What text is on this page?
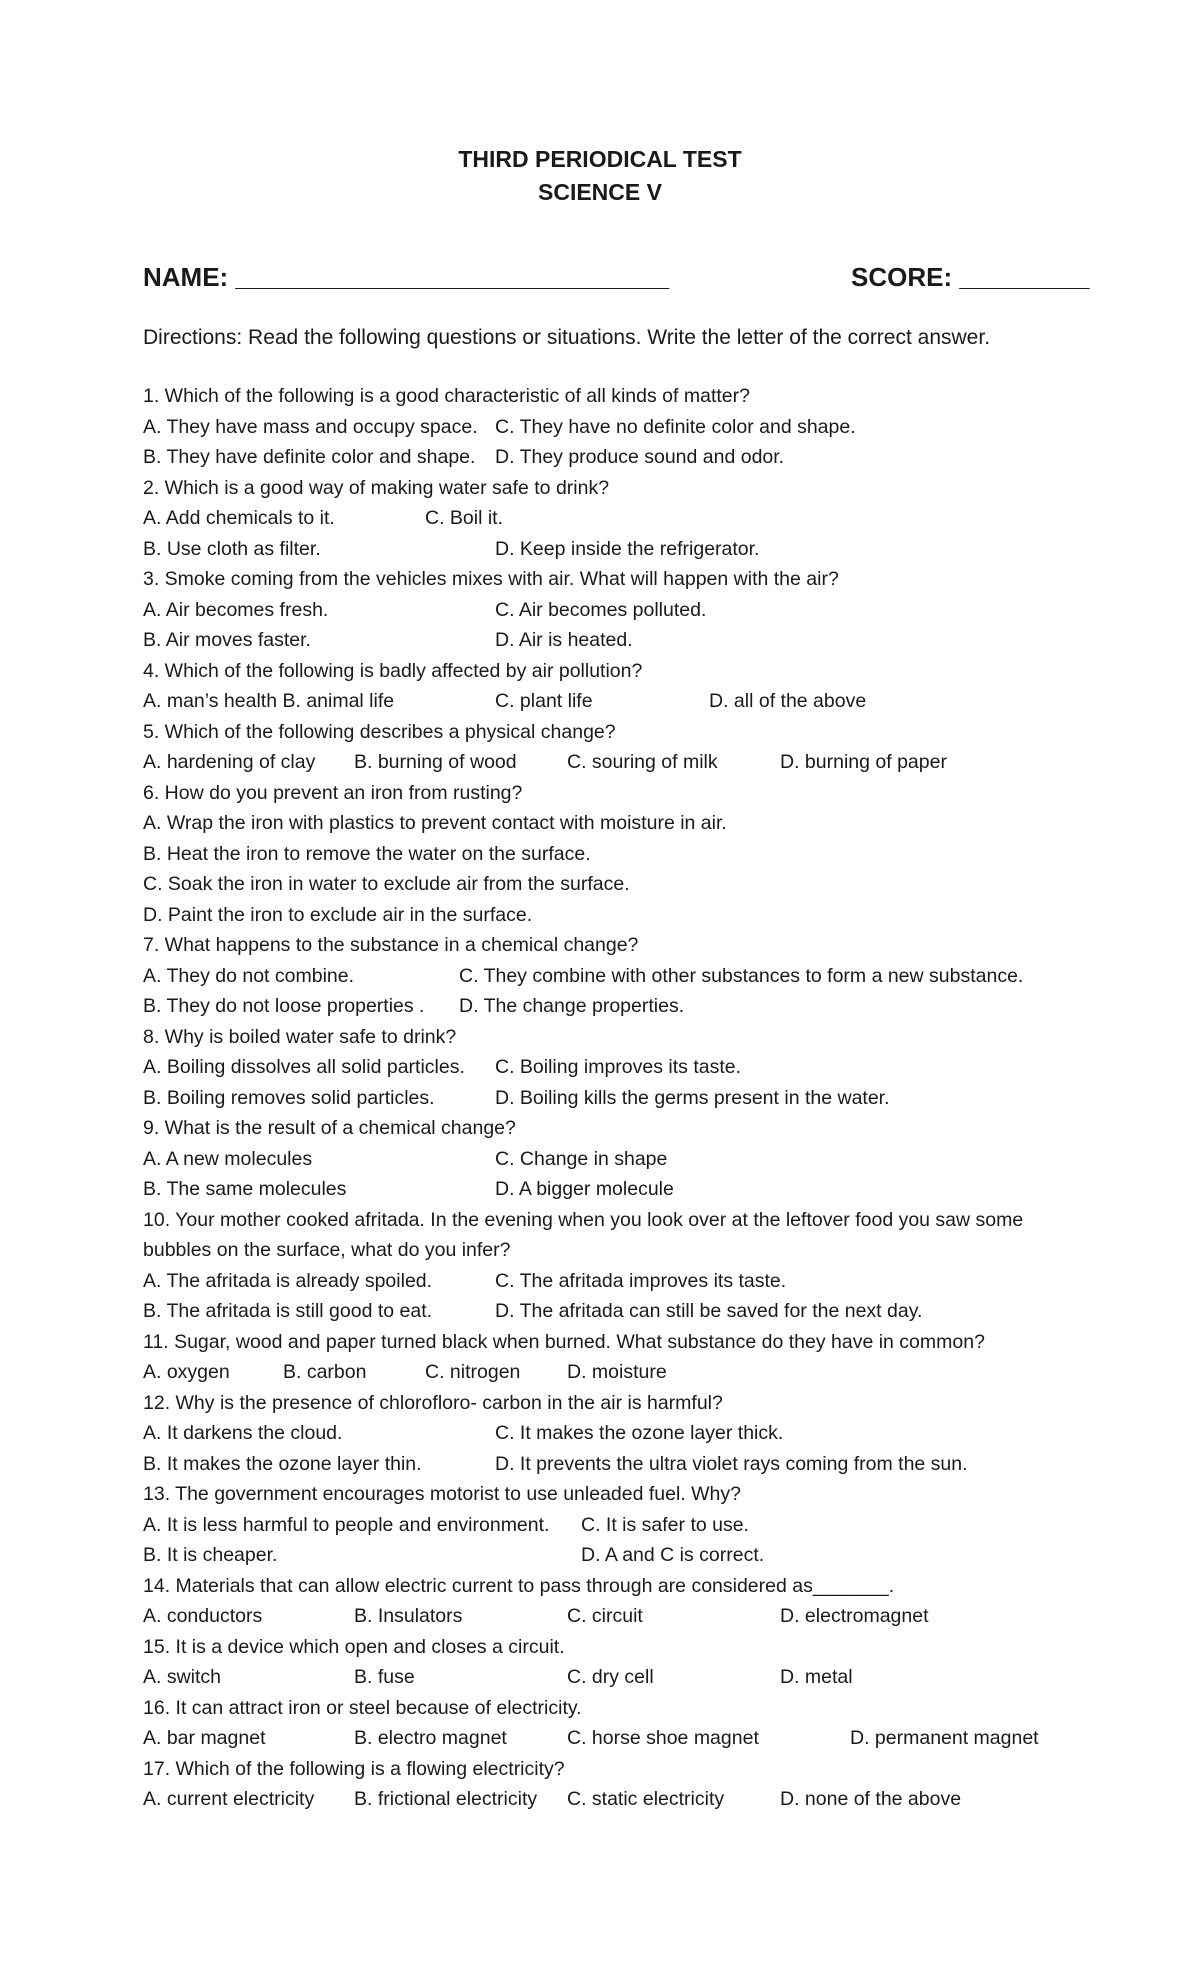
THIRD PERIODICAL TEST
SCIENCE V
NAME: ______________________________	SCORE: _________
Directions: Read the following questions or situations. Write the letter of the correct answer.
1. Which of the following is a good characteristic of all kinds of matter?
A. They have mass and occupy space. C. They have no definite color and shape.
B. They have definite color and shape. D. They produce sound and odor.
2. Which is a good way of making water safe to drink?
A. Add chemicals to it.	C. Boil it.
B. Use cloth as filter.	D. Keep inside the refrigerator.
3. Smoke coming from the vehicles mixes with air. What will happen with the air?
A. Air becomes fresh.	C. Air becomes polluted.
B. Air moves faster.	D. Air is heated.
4. Which of the following is badly affected by air pollution?
A. man’s health B. animal life	C. plant life	D. all of the above
5. Which of the following describes a physical change?
A. hardening of clay B. burning of wood	C. souring of milk	D. burning of paper
6. How do you prevent an iron from rusting?
A. Wrap the iron with plastics to prevent contact with moisture in air.
B. Heat the iron to remove the water on the surface.
C. Soak the iron in water to exclude air from the surface.
D. Paint the iron to exclude air in the surface.
7. What happens to the substance in a chemical change?
A. They do not combine.	C. They combine with other substances to form a new substance.
B. They do not loose properties . D. The change properties.
8. Why is boiled water safe to drink?
A. Boiling dissolves all solid particles. C. Boiling improves its taste.
B. Boiling removes solid particles.	D. Boiling kills the germs present in the water.
9. What is the result of a chemical change?
A. A new molecules	C. Change in shape
B. The same molecules	D. A bigger molecule
10. Your mother cooked afritada. In the evening when you look over at the leftover food you saw some
bubbles on the surface, what do you infer?
A. The afritada is already spoiled.	C. The afritada improves its taste.
B. The afritada is still good to eat.	D. The afritada can still be saved for the next day.
11. Sugar, wood and paper turned black when burned. What substance do they have in common?
A. oxygen	B. carbon	C. nitrogen D. moisture
12. Why is the presence of chlorofloro- carbon in the air is harmful?
A. It darkens the cloud.	C. It makes the ozone layer thick.
B. It makes the ozone layer thin.	D. It prevents the ultra violet rays coming from the sun.
13. The government encourages motorist to use unleaded fuel. Why?
A. It is less harmful to people and environment. C. It is safer to use.
B. It is cheaper.	D. A and C is correct.
14. Materials that can allow electric current to pass through are considered as_______.
A. conductors	B. Insulators	C. circuit	D. electromagnet
15. It is a device which open and closes a circuit.
A. switch	B. fuse	C. dry cell	D. metal
16. It can attract iron or steel because of electricity.
A. bar magnet	B. electro magnet	C. horse shoe magnet	D. permanent magnet
17. Which of the following is a flowing electricity?
A. current electricity B. frictional electricity C. static electricity	D. none of the above
